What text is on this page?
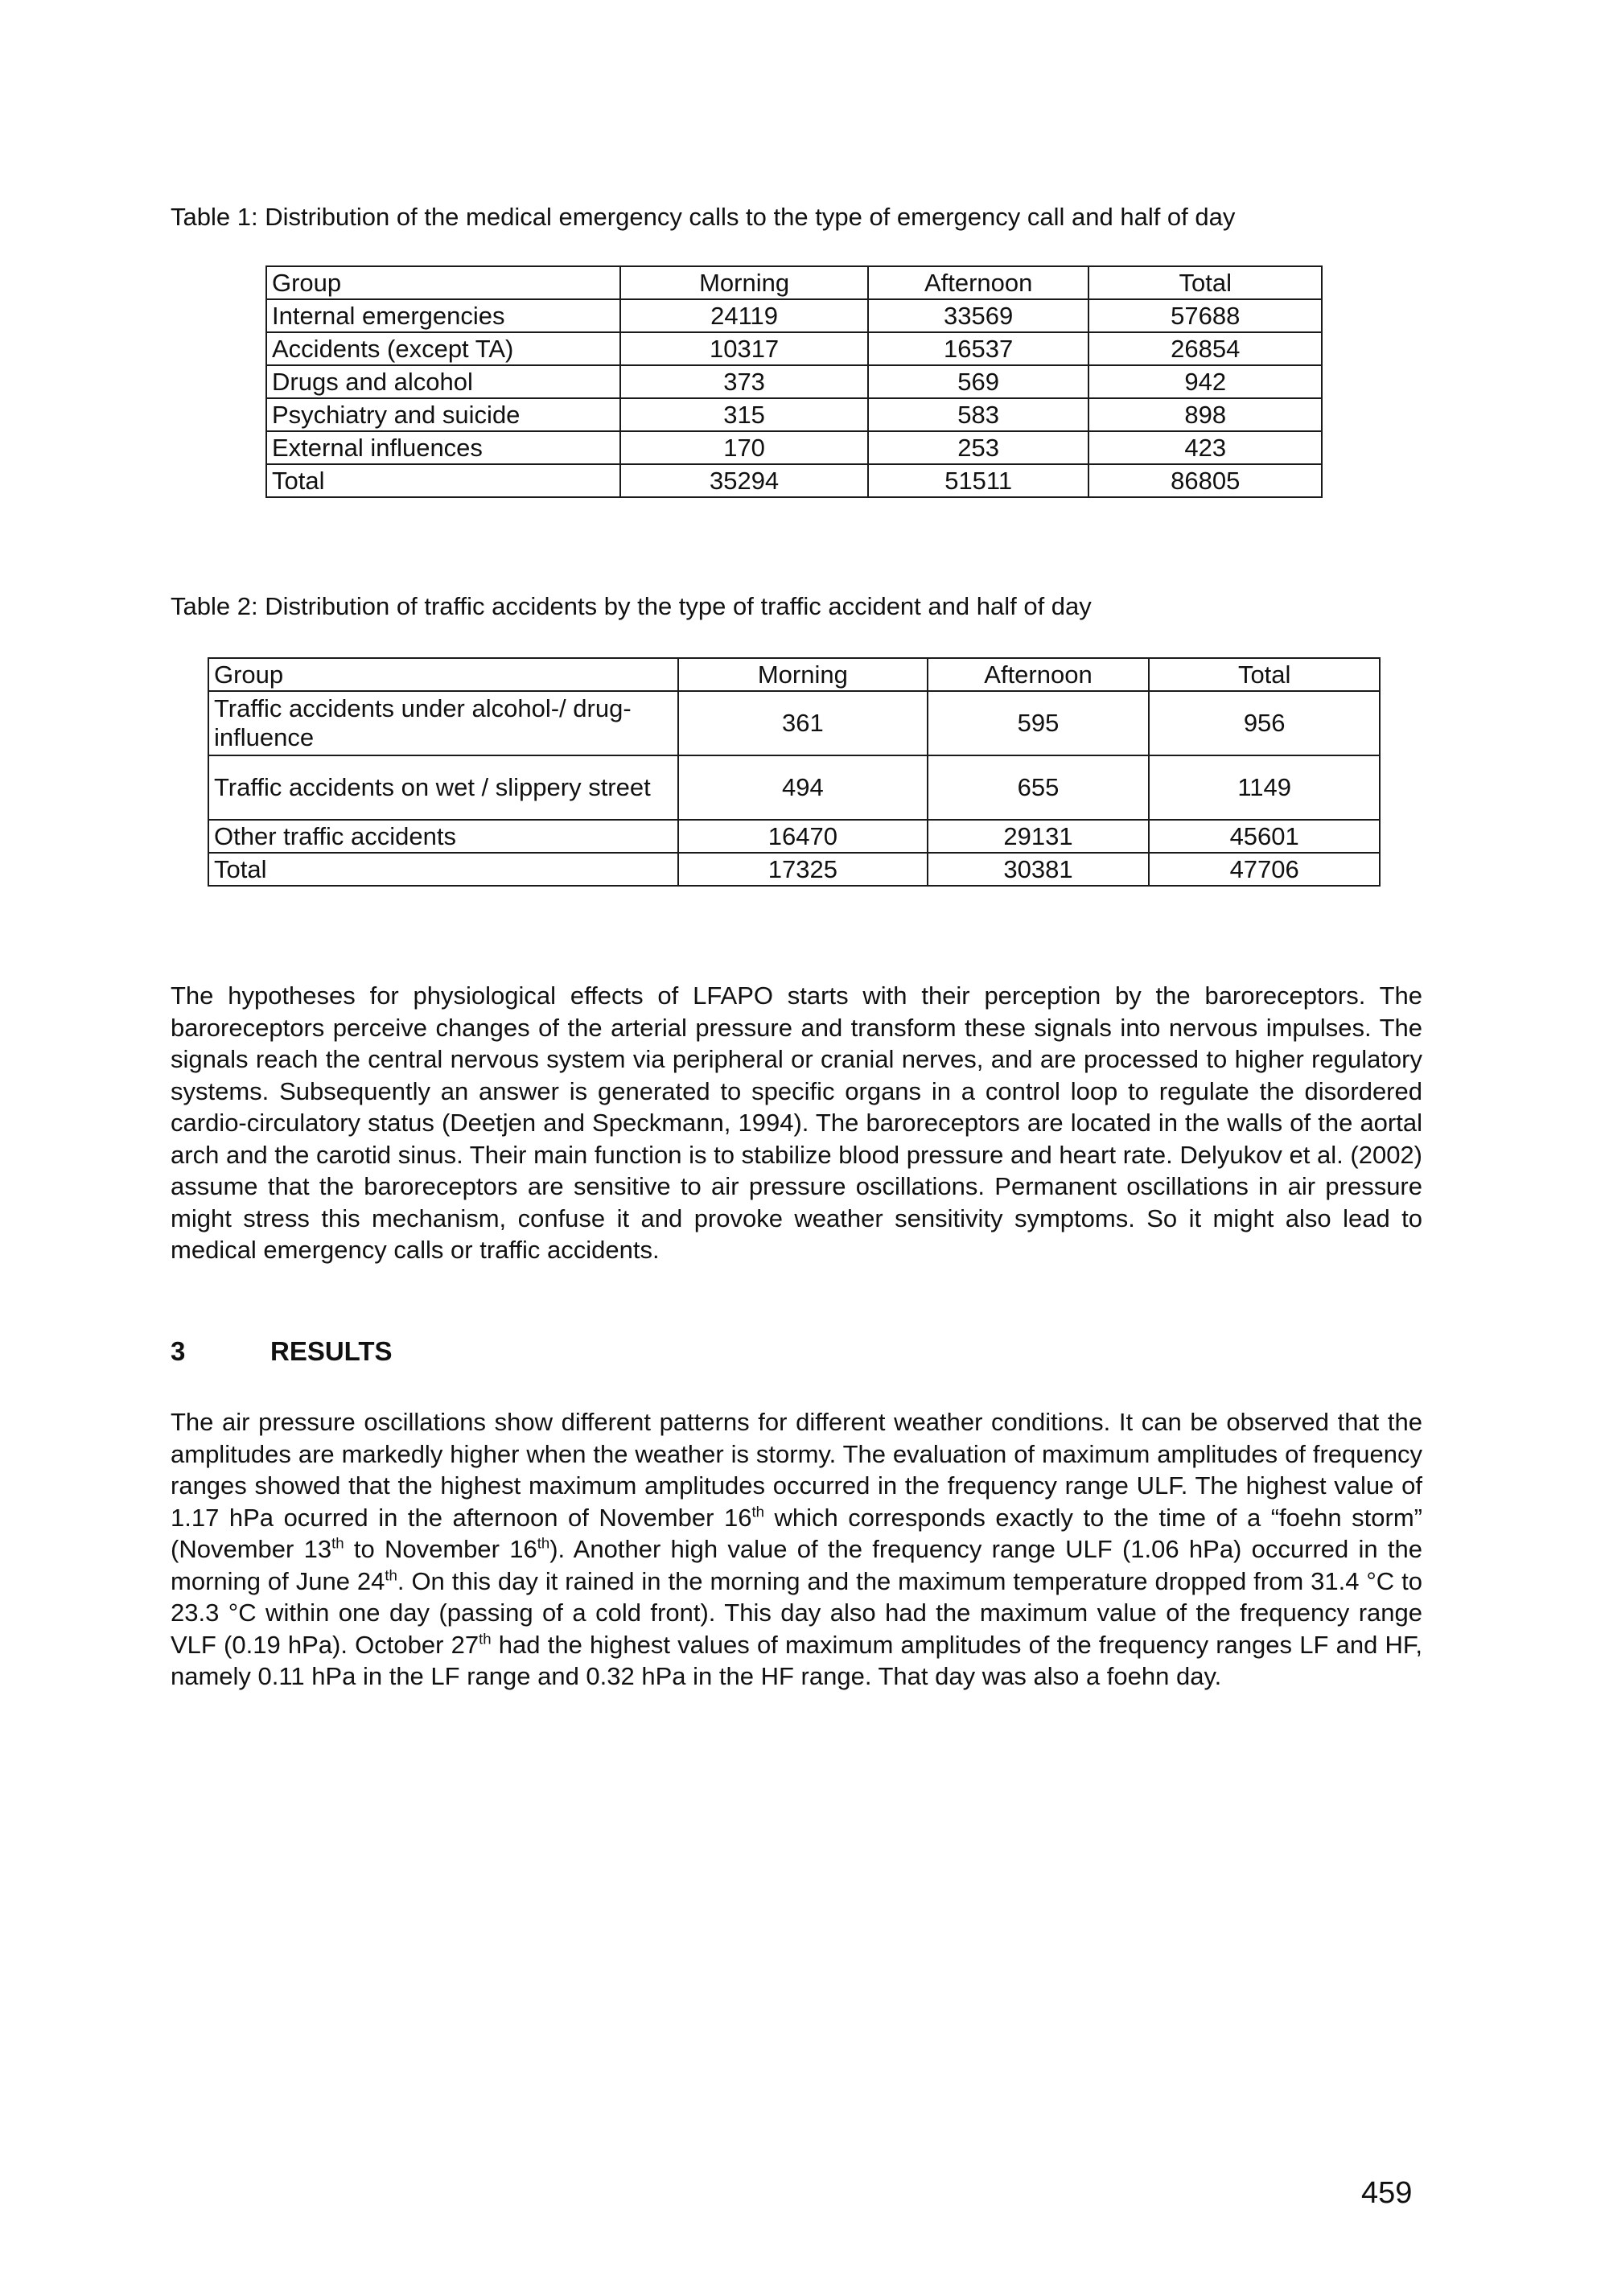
Table 1: Distribution of the medical emergency calls to the type of emergency call and half of day
Group	Morning	Afternoon	Total
Internal emergencies	24119	33569	57688
Accidents (except TA)	10317	16537	26854
Drugs and alcohol	373	569	942
Psychiatry and suicide	315	583	898
External influences	170	253	423
Total	35294	51511	86805
Table 2: Distribution of traffic accidents by the type of traffic accident and half of day
Group	Morning	Afternoon	Total
Traffic accidents under alcohol-/ drug-influence	361	595	956
Traffic accidents on wet / slippery street	494	655	1149
Other traffic accidents	16470	29131	45601
Total	17325	30381	47706

The hypotheses for physiological effects of LFAPO starts with their perception by the baroreceptors. The baroreceptors perceive changes of the arterial pressure and transform these signals into nervous impulses. The signals reach the central nervous system via peripheral or cranial nerves, and are processed to higher regulatory systems. Subsequently an answer is generated to specific organs in a control loop to regulate the disordered cardio-circulatory status (Deetjen and Speckmann, 1994). The baroreceptors are located in the walls of the aortal arch and the carotid sinus. Their main function is to stabilize blood pressure and heart rate. Delyukov et al. (2002) assume that the baroreceptors are sensitive to air pressure oscillations. Permanent oscillations in air pressure might stress this mechanism, confuse it and provoke weather sensitivity symptoms. So it might also lead to medical emergency calls or traffic accidents.

3	RESULTS

The air pressure oscillations show different patterns for different weather conditions. It can be observed that the amplitudes are markedly higher when the weather is stormy. The evaluation of maximum amplitudes of frequency ranges showed that the highest maximum amplitudes occurred in the frequency range ULF. The highest value of 1.17 hPa ocurred in the afternoon of November 16th which corresponds exactly to the time of a “foehn storm” (November 13th to November 16th). Another high value of the frequency range ULF (1.06 hPa) occurred in the morning of June 24th. On this day it rained in the morning and the maximum temperature dropped from 31.4 °C to 23.3 °C within one day (passing of a cold front). This day also had the maximum value of the frequency range VLF (0.19 hPa). October 27th had the highest values of maximum amplitudes of the frequency ranges LF and HF, namely 0.11 hPa in the LF range and 0.32 hPa in the HF range. That day was also a foehn day.

459
